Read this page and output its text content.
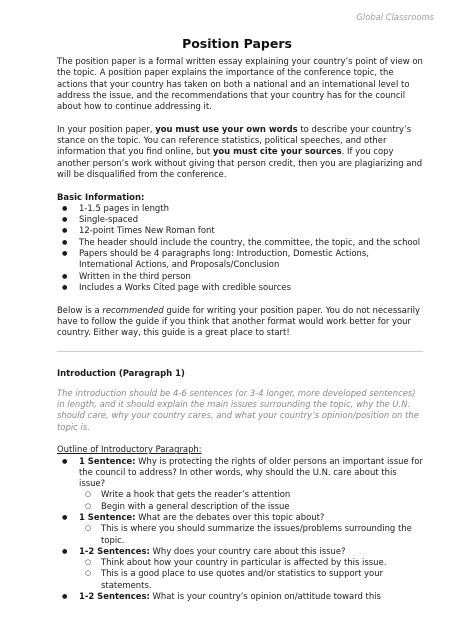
Global Classrooms
Position Papers

The position paper is a formal written essay explaining your country’s point of view on the topic. A position paper explains the importance of the conference topic, the actions that your country has taken on both a national and an international level to address the issue, and the recommendations that your country has for the council about how to continue addressing it.

In your position paper, you must use your own words to describe your country’s stance on the topic. You can reference statistics, political speeches, and other information that you find online, but you must cite your sources. If you copy another person’s work without giving that person credit, then you are plagiarizing and will be disqualified from the conference.

Basic Information:
● 1-1.5 pages in length
● Single-spaced
● 12-point Times New Roman font
● The header should include the country, the committee, the topic, and the school
● Papers should be 4 paragraphs long: Introduction, Domestic Actions, International Actions, and Proposals/Conclusion
● Written in the third person
● Includes a Works Cited page with credible sources

Below is a recommended guide for writing your position paper. You do not necessarily have to follow the guide if you think that another format would work better for your country. Either way, this guide is a great place to start!

Introduction (Paragraph 1)

The introduction should be 4-6 sentences (or 3-4 longer, more developed sentences) in length, and it should explain the main issues surrounding the topic, why the U.N. should care, why your country cares, and what your country’s opinion/position on the topic is.

Outline of Introductory Paragraph:

● 1 Sentence: Why is protecting the rights of older persons an important issue for the council to address? In other words, why should the U.N. care about this issue?
○ Write a hook that gets the reader’s attention
○ Begin with a general description of the issue
● 1 Sentence: What are the debates over this topic about?
○ This is where you should summarize the issues/problems surrounding the topic.
● 1-2 Sentences: Why does your country care about this issue?
○ Think about how your country in particular is affected by this issue.
○ This is a good place to use quotes and/or statistics to support your statements.
● 1-2 Sentences: What is your country’s opinion on/attitude toward this
